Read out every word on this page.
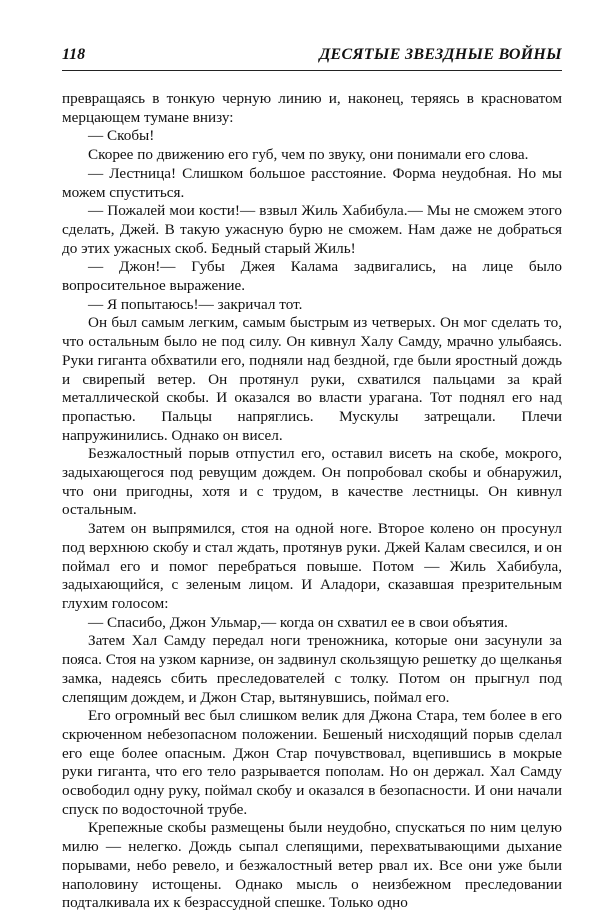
118	ДЕСЯТЫЕ ЗВЕЗДНЫЕ ВОЙНЫ

превращаясь в тонкую черную линию и, наконец, теряясь в красноватом мерцающем тумане внизу:

— Скобы!

Скорее по движению его губ, чем по звуку, они понимали его слова.

— Лестница! Слишком большое расстояние. Форма неудобная. Но мы можем спуститься.

— Пожалей мои кости!— взвыл Жиль Хабибула.— Мы не сможем этого сделать, Джей. В такую ужасную бурю не сможем. Нам даже не добраться до этих ужасных скоб. Бедный старый Жиль!

— Джон!— Губы Джея Калама задвигались, на лице было вопросительное выражение.

— Я попытаюсь!— закричал тот.

Он был самым легким, самым быстрым из четверых. Он мог сделать то, что остальным было не под силу. Он кивнул Халу Самду, мрачно улыбаясь. Руки гиганта обхватили его, подняли над бездной, где были яростный дождь и свирепый ветер. Он протянул руки, схватился пальцами за край металлической скобы. И оказался во власти урагана. Тот поднял его над пропастью. Пальцы напряглись. Мускулы затрещали. Плечи напружинились. Однако он висел.

Безжалостный порыв отпустил его, оставил висеть на скобе, мокрого, задыхающегося под ревущим дождем. Он попробовал скобы и обнаружил, что они пригодны, хотя и с трудом, в качестве лестницы. Он кивнул остальным.

Затем он выпрямился, стоя на одной ноге. Второе колено он просунул под верхнюю скобу и стал ждать, протянув руки. Джей Калам свесился, и он поймал его и помог перебраться повыше. Потом — Жиль Хабибула, задыхающийся, с зеленым лицом. И Аладори, сказавшая презрительным глухим голосом:

— Спасибо, Джон Ульмар,— когда он схватил ее в свои объятия.

Затем Хал Самду передал ноги треножника, которые они засунули за пояса. Стоя на узком карнизе, он задвинул скользящую решетку до щелканья замка, надеясь сбить преследователей с толку. Потом он прыгнул под слепящим дождем, и Джон Стар, вытянувшись, поймал его.

Его огромный вес был слишком велик для Джона Стара, тем более в его скрюченном небезопасном положении. Бешеный нисходящий порыв сделал его еще более опасным. Джон Стар почувствовал, вцепившись в мокрые руки гиганта, что его тело разрывается пополам. Но он держал. Хал Самду освободил одну руку, поймал скобу и оказался в безопасности. И они начали спуск по водосточной трубе.

Крепежные скобы размещены были неудобно, спускаться по ним целую милю — нелегко. Дождь сыпал слепящими, перехватывающими дыхание порывами, небо ревело, и безжалостный ветер рвал их. Все они уже были наполовину истощены. Однако мысль о неизбежном преследовании подталкивала их к безрассудной спешке. Только одно
